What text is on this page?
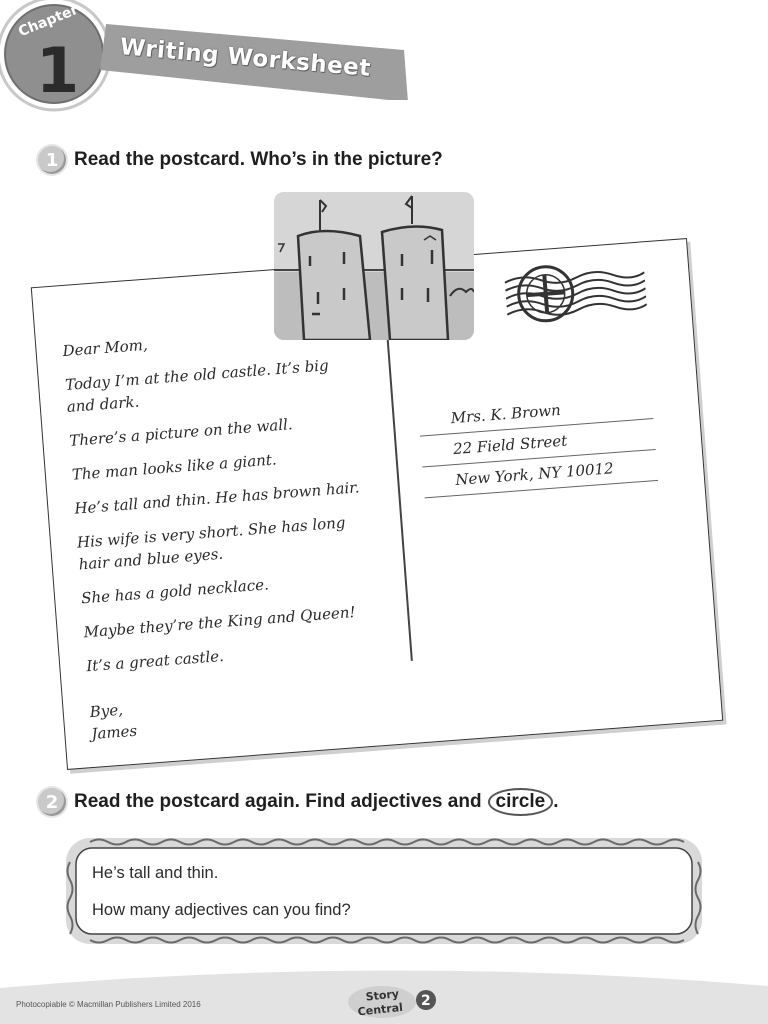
Chapter
1 Writing Worksheet
1 Read the postcard. Who’s in the picture?
Dear Mom,
Today I’m at the old castle. It’s big
and dark.
There’s a picture on the wall.
The man looks like a giant.
He’s tall and thin. He has brown hair.
His wife is very short. She has long
hair and blue eyes.
She has a gold necklace.
Maybe they’re the King and Queen!
It’s a great castle.
Bye,
James
Mrs. K. Brown
22 Field Street
New York, NY 10012
2 Read the postcard again. Find adjectives and circle .
He’s tall and thin.
How many adjectives can you find?
Photocopiable © Macmillan Publishers Limited 2016
Story
Central 2
